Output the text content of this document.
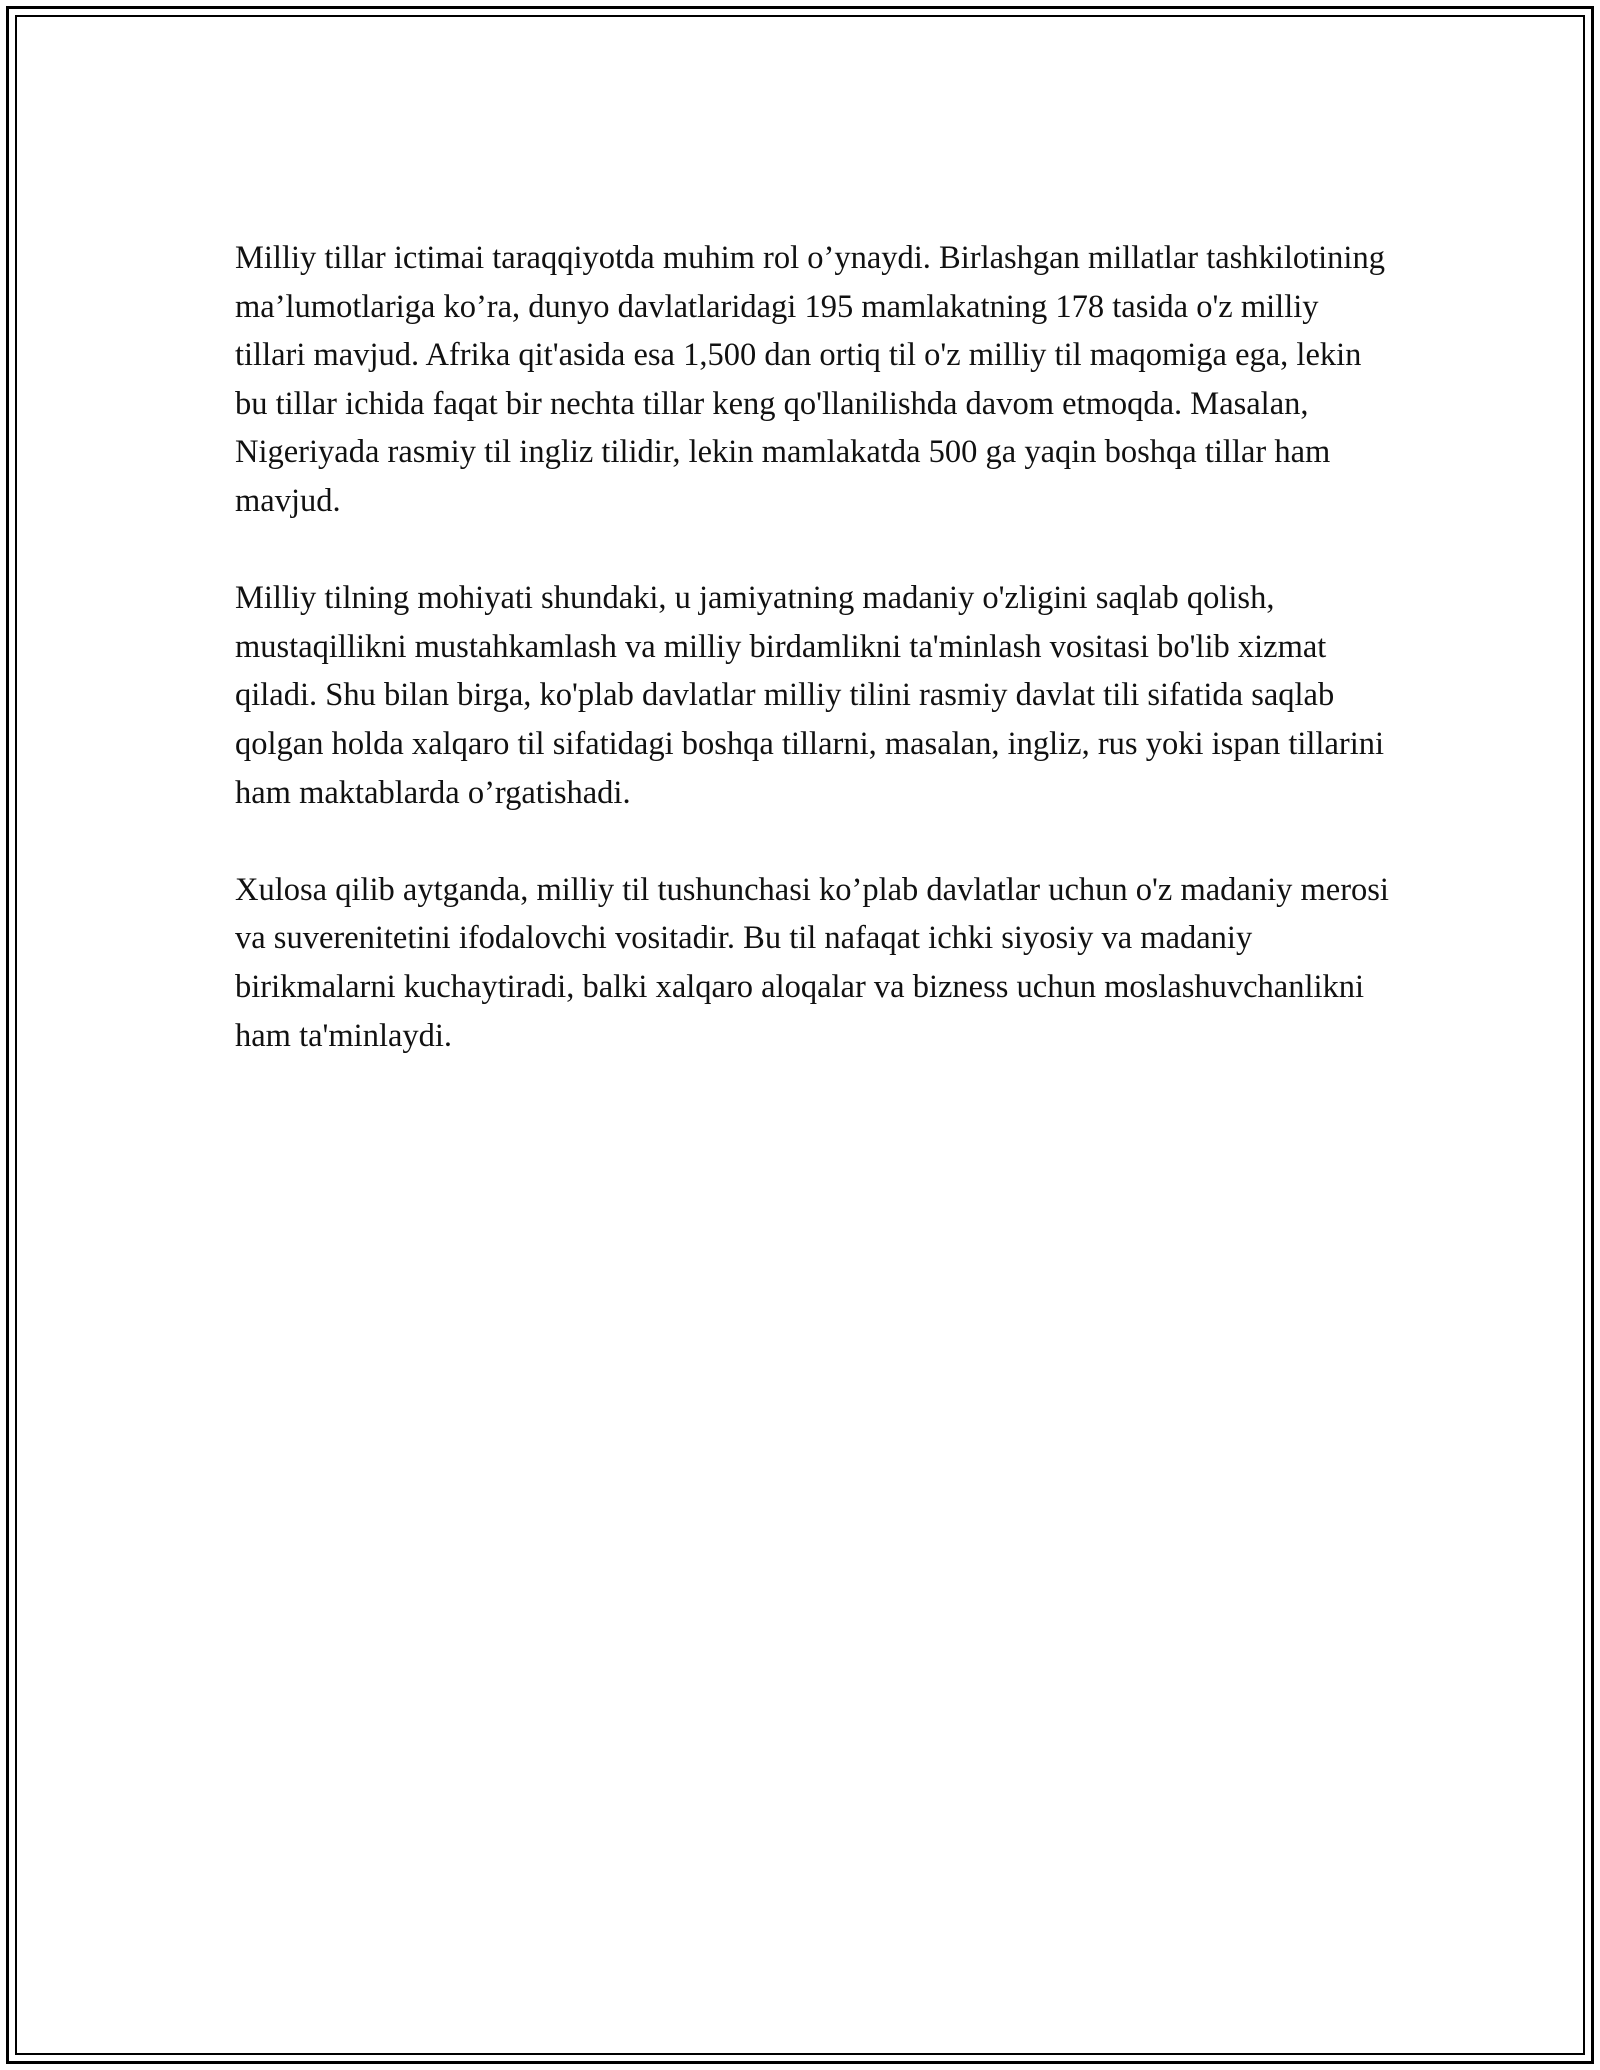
Milliy tillar ictimai taraqqiyotda muhim rol o’ynaydi. Birlashgan millatlar tashkilotining ma’lumotlariga ko’ra, dunyo davlatlaridagi 195 mamlakatning 178 tasida o'z milliy tillari mavjud. Afrika qit'asida esa 1,500 dan ortiq til o'z milliy til maqomiga ega, lekin bu tillar ichida faqat bir nechta tillar keng qo'llanilishda davom etmoqda. Masalan, Nigeriyada rasmiy til ingliz tilidir, lekin mamlakatda 500 ga yaqin boshqa tillar ham mavjud.

Milliy tilning mohiyati shundaki, u jamiyatning madaniy o'zligini saqlab qolish, mustaqillikni mustahkamlash va milliy birdamlikni ta'minlash vositasi bo'lib xizmat qiladi. Shu bilan birga, ko'plab davlatlar milliy tilini rasmiy davlat tili sifatida saqlab qolgan holda xalqaro til sifatidagi boshqa tillarni, masalan, ingliz, rus yoki ispan tillarini ham maktablarda o’rgatishadi.

Xulosa qilib aytganda, milliy til tushunchasi ko’plab davlatlar uchun o'z madaniy merosi va suverenitetini ifodalovchi vositadir. Bu til nafaqat ichki siyosiy va madaniy birikmalarni kuchaytiradi, balki xalqaro aloqalar va bizness uchun moslashuvchanlikni ham ta'minlaydi.
